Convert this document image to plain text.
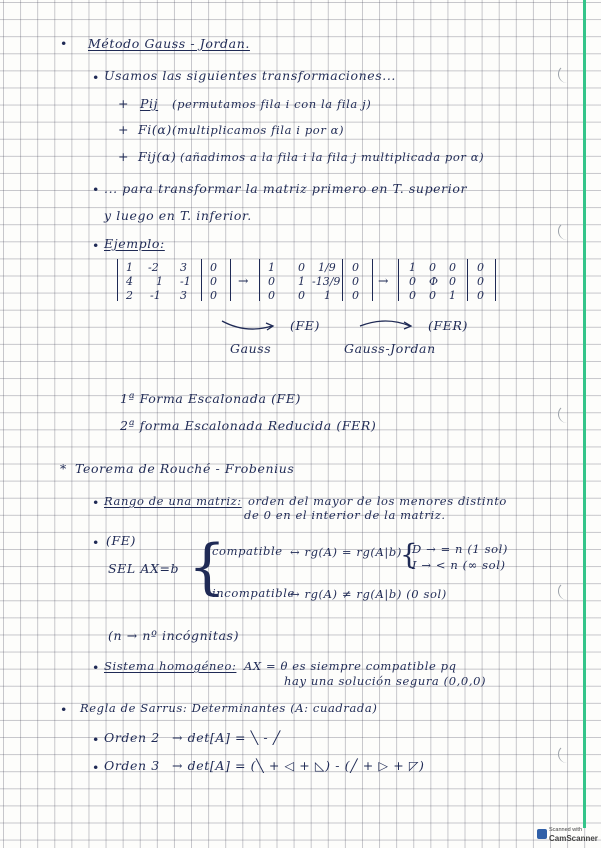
• Método Gauss - Jordan.
• Usamos las siguientes transformaciones...
+ Pij (permutamos fila i con la fila j)
+ Fi(α) (multiplicamos fila i por α)
+ Fij(α) (añadimos a la fila i la fila j multiplicada por α)
• ... para transformar la matriz primero en T. superior
y luego en T. inferior.
• Ejemplo:
1 -2 3 0
4 1 -1 0
2 -1 3 0
→
1 0 1/9 0
0 1 -13/9 0
0 0 1 0
→
1 0 0 0
0 Φ 0 0
0 0 1 0
(FE)	(FER)
Gauss	Gauss-Jordan
1ª Forma Escalonada (FE)
2ª forma Escalonada Reducida (FER)
* Teorema de Rouché - Frobenius
• Rango de una matriz: orden del mayor de los menores distinto
de 0 en el interior de la matriz.
• (FE)
SEL AX=b {
compatible ↔ rg(A) = rg(A|b)
{
D → = n (1 sol)
I → < n (∞ sol)
incompatible
↔ rg(A) ≠ rg(A|b) (0 sol)
(n → nº incógnitas)
• Sistema homogéneo: AX = θ es siempre compatible pq
hay una solución segura (0,0,0)
• Regla de Sarrus: Determinantes (A: cuadrada)
• Orden 2 → det[A] = ╲ - ╱
• Orden 3 → det[A] = (╲ + ◁ + ◺) - (╱ + ▷ + ◸)
Scanned with
CamScanner
